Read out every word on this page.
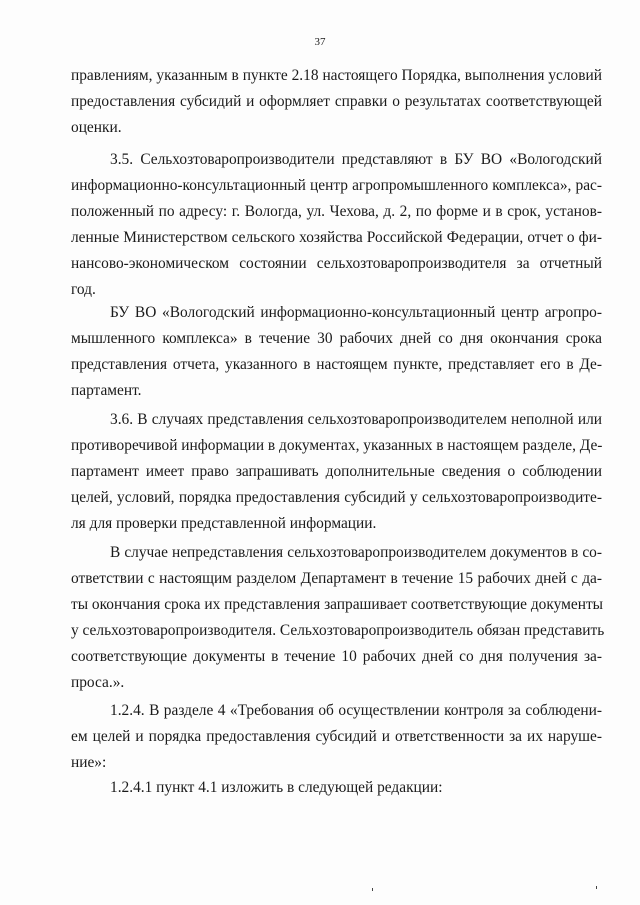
37

правлениям, указанным в пункте 2.18 настоящего Порядка, выполнения условий

предоставления субсидий и оформляет справки о результатах соответствующей

оценки.

3.5. Сельхозтоваропроизводители представляют в БУ ВО «Вологодский

информационно-консультационный центр агропромышленного комплекса», рас-

положенный по адресу: г. Вологда, ул. Чехова, д. 2, по форме и в срок, установ-

ленные Министерством сельского хозяйства Российской Федерации, отчет о фи-

нансово-экономическом состоянии сельхозтоваропроизводителя за отчетный

год.

БУ ВО «Вологодский информационно-консультационный центр агропро-

мышленного комплекса» в течение 30 рабочих дней со дня окончания срока

представления отчета, указанного в настоящем пункте, представляет его в Де-

партамент.

3.6. В случаях представления сельхозтоваропроизводителем неполной или

противоречивой информации в документах, указанных в настоящем разделе, Де-

партамент имеет право запрашивать дополнительные сведения о соблюдении

целей, условий, порядка предоставления субсидий у сельхозтоваропроизводите-

ля для проверки представленной информации.

В случае непредставления сельхозтоваропроизводителем документов в со-

ответствии с настоящим разделом Департамент в течение 15 рабочих дней с да-

ты окончания срока их представления запрашивает соответствующие документы

у сельхозтоваропроизводителя. Сельхозтоваропроизводитель обязан представить

соответствующие документы в течение 10 рабочих дней со дня получения за-

проса.».

1.2.4. В разделе 4 «Требования об осуществлении контроля за соблюдени-

ем целей и порядка предоставления субсидий и ответственности за их наруше-

ние»:

1.2.4.1 пункт 4.1 изложить в следующей редакции:
